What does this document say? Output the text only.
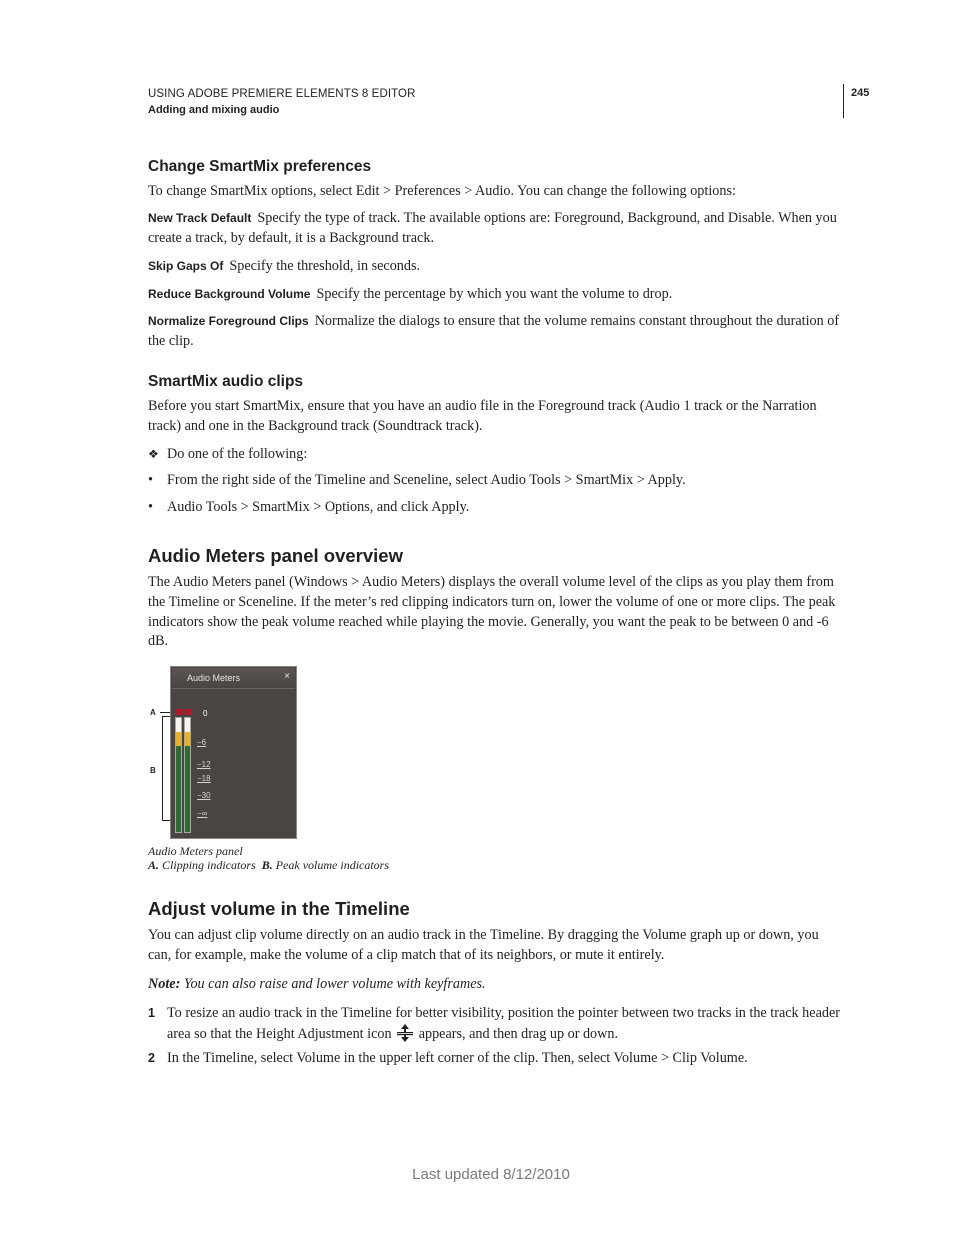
USING ADOBE PREMIERE ELEMENTS 8 EDITOR
Adding and mixing audio
245
Change SmartMix preferences

To change SmartMix options, select Edit > Preferences > Audio. You can change the following options:

New Track Default Specify the type of track. The available options are: Foreground, Background, and Disable. When you create a track, by default, it is a Background track.

Skip Gaps Of Specify the threshold, in seconds.

Reduce Background Volume Specify the percentage by which you want the volume to drop.

Normalize Foreground Clips Normalize the dialogs to ensure that the volume remains constant throughout the duration of the clip.

SmartMix audio clips

Before you start SmartMix, ensure that you have an audio file in the Foreground track (Audio 1 track or the Narration track) and one in the Background track (Soundtrack track).

❖ Do one of the following:
• From the right side of the Timeline and Sceneline, select Audio Tools > SmartMix > Apply.
• Audio Tools > SmartMix > Options, and click Apply.
Audio Meters panel overview

The Audio Meters panel (Windows > Audio Meters) displays the overall volume level of the clips as you play them from the Timeline or Sceneline. If the meter’s red clipping indicators turn on, lower the volume of one or more clips. The peak indicators show the peak volume reached while playing the movie. Generally, you want the peak to be between 0 and -6 dB.

A
B
Audio Meters	×
0
−6
−12
−18
−30
−∞
Audio Meters panel
A. Clipping indicators B. Peak volume indicators
Adjust volume in the Timeline

You can adjust clip volume directly on an audio track in the Timeline. By dragging the Volume graph up or down, you can, for example, make the volume of a clip match that of its neighbors, or mute it entirely.

Note: You can also raise and lower volume with keyframes.

1 To resize an audio track in the Timeline for better visibility, position the pointer between two tracks in the track header area so that the Height Adjustment icon appears, and then drag up or down.
2 In the Timeline, select Volume in the upper left corner of the clip. Then, select Volume > Clip Volume.
Last updated 8/12/2010
